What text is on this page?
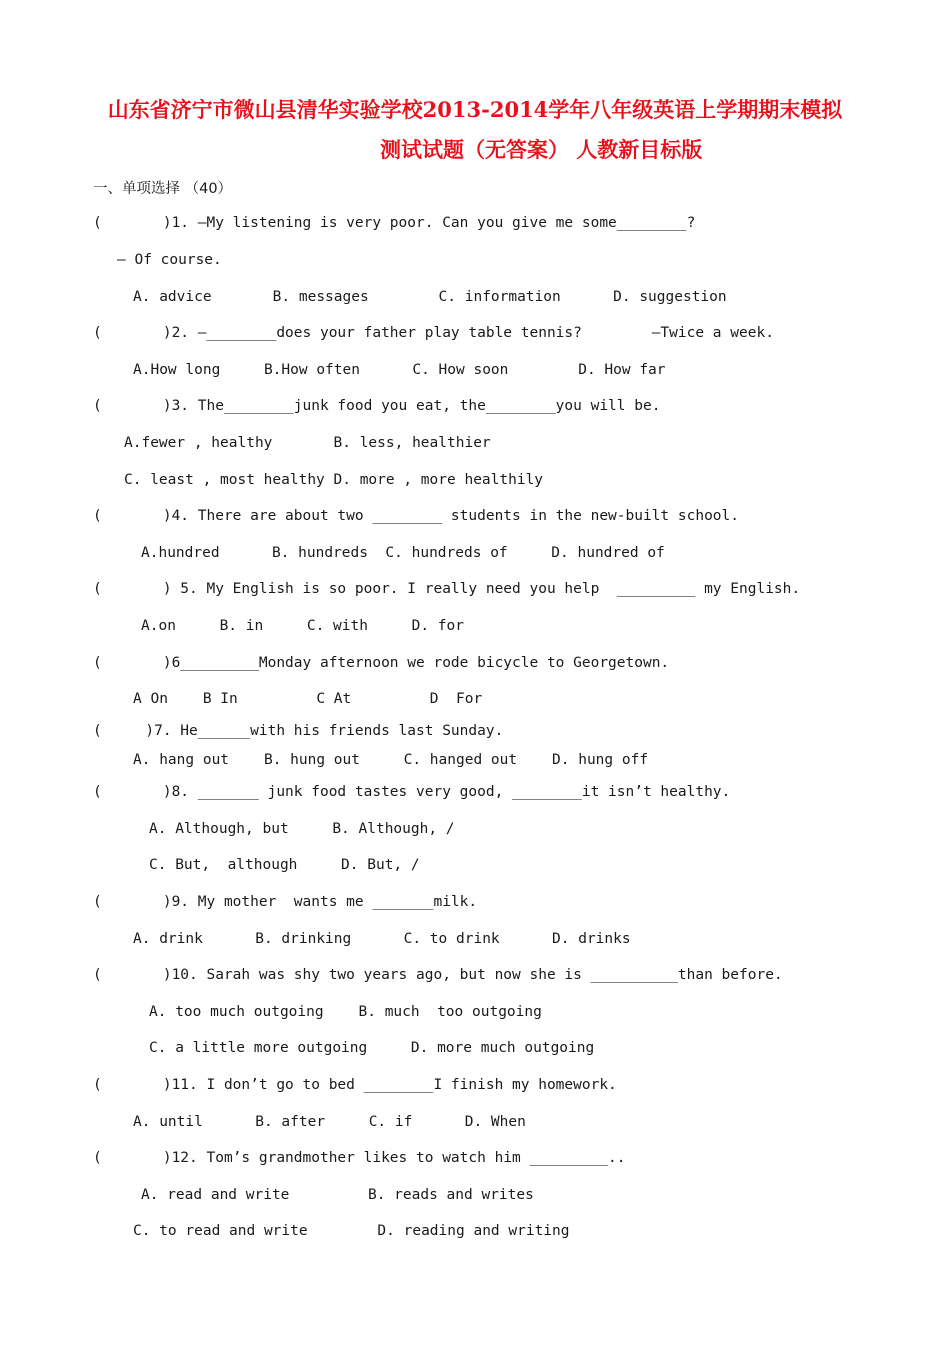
山东省济宁市微山县清华实验学校2013-2014学年八年级英语上学期期末模拟
测试试题（无答案） 人教新目标版
一、单项选择 （40）
(       )1. —My listening is very poor. Can you give me some________?
— Of course.
A. advice       B. messages        C. information      D. suggestion
(       )2. —________does your father play table tennis?        —Twice a week.
A.How long     B.How often      C. How soon        D. How far
(       )3. The________junk food you eat, the________you will be.
A.fewer , healthy       B. less, healthier
C. least , most healthy D. more , more healthily
(       )4. There are about two ________ students in the new-built school.
A.hundred      B. hundreds  C. hundreds of     D. hundred of
(       ) 5. My English is so poor. I really need you help  _________ my English.
A.on     B. in     C. with     D. for
(       )6_________Monday afternoon we rode bicycle to Georgetown.
A On    B In         C At         D  For
(     )7. He______with his friends last Sunday.
A. hang out    B. hung out     C. hanged out    D. hung off
(       )8. _______ junk food tastes very good, ________it isn’t healthy.
A. Although, but     B. Although, /
C. But,  although     D. But, /
(       )9. My mother  wants me _______milk.
A. drink      B. drinking      C. to drink      D. drinks
(       )10. Sarah was shy two years ago, but now she is __________than before.
A. too much outgoing    B. much  too outgoing
C. a little more outgoing     D. more much outgoing
(       )11. I don’t go to bed ________I finish my homework.
A. until      B. after     C. if      D. When
(       )12. Tom’s grandmother likes to watch him _________..
A. read and write         B. reads and writes
C. to read and write        D. reading and writing
